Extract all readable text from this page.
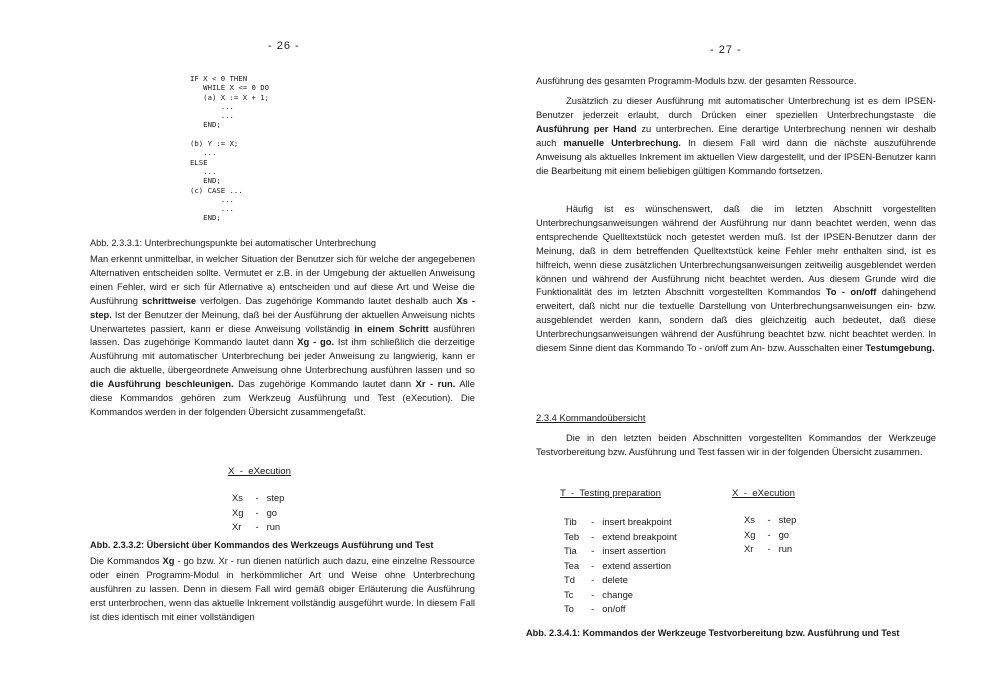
- 26 -
IF X < 0 THEN
WHILE X <= 0 DO
(a) X := X + 1;
...
...
END;

(b) Y := X;
...
ELSE
...
END;
(c) CASE ...
...
...
END;
Abb. 2.3.3.1: Unterbrechungspunkte bei automatischer Unterbrechung
Man erkennt unmittelbar, in welcher Situation der Benutzer sich für welche der angegebenen Alternativen entscheiden sollte. Vermutet er z.B. in der Umgebung der aktuellen Anweisung einen Fehler, wird er sich für Atlernative a) entscheiden und auf diese Art und Weise die Ausführung schrittweise verfolgen. Das zugehörige Kommando lautet deshalb auch Xs - step. Ist der Benutzer der Meinung, daß bei der Ausführung der aktuellen Anweisung nichts Unerwartetes passiert, kann er diese Anweisung vollständig in einem Schritt ausführen lassen. Das zugehörige Kommando lautet dann Xg - go. Ist ihm schließlich die derzeitige Ausführung mit automatischer Unterbrechung bei jeder Anweisung zu langwierig, kann er auch die aktuelle, übergeordnete Anweisung ohne Unterbrechung ausführen lassen und so die Ausführung beschleunigen. Das zugehörige Kommando lautet dann Xr - run. Alle diese Kommandos gehören zum Werkzeug Ausführung und Test (eXecution). Die Kommandos werden in der folgenden Übersicht zusammengefaßt.
X  -  eXecution
Xs	-	step
Xg	-	go
Xr	-	run
Abb. 2.3.3.2: Übersicht über Kommandos des Werkzeugs Ausführung und Test
Die Kommandos Xg - go bzw. Xr - run dienen natürlich auch dazu, eine einzelne Ressource oder einen Programm-Modul in herkömmlicher Art und Weise ohne Unterbrechung ausführen zu lassen. Denn in diesem Fall wird gemäß obiger Erläuterung die Ausführung erst unterbrochen, wenn das aktuelle Inkrement vollständig ausgeführt wurde. In diesem Fall ist dies identisch mit einer vollständigen
- 27 -
Ausführung des gesamten Programm-Moduls bzw. der gesamten Ressource.
Zusätzlich zu dieser Ausführung mit automatischer Unterbrechung ist es dem IPSEN-Benutzer jederzeit erlaubt, durch Drücken einer speziellen Unterbrechungstaste die Ausführung per Hand zu unterbrechen. Eine derartige Unterbrechung nennen wir deshalb auch manuelle Unterbrechung. In diesem Fall wird dann die nächste auszuführende Anweisung als aktuelles Inkrement im aktuellen View dargestellt, und der IPSEN-Benutzer kann die Bearbeitung mit einem beliebigen gültigen Kommando fortsetzen.
Häufig ist es wünschenswert, daß die im letzten Abschnitt vorgestellten Unterbrechungsanweisungen während der Ausführung nur dann beachtet werden, wenn das entsprechende Quelltextstück noch getestet werden muß. Ist der IPSEN-Benutzer dann der Meinung, daß in dem betreffenden Quelltextstück keine Fehler mehr enthalten sind, ist es hilfreich, wenn diese zusätzlichen Unterbrechungsanweisungen zeitweilig ausgeblendet werden können und während der Ausführung nicht beachtet werden. Aus diesem Grunde wird die Funktionalität des im letzten Abschnitt vorgestellten Kommandos To - on/off dahingehend erweitert, daß nicht nur die textuelle Darstellung von Unterbrechungsanweisungen ein- bzw. ausgeblendet werden kann, sondern daß dies gleichzeitig auch bedeutet, daß diese Unterbrechungsanweisungen während der Ausführung beachtet bzw. nicht beachtet werden. In diesem Sinne dient das Kommando To - on/off zum An- bzw. Ausschalten einer Testumgebung.
2.3.4 Kommandoübersicht
Die in den letzten beiden Abschnitten vorgestellten Kommandos der Werkzeuge Testvorbereitung bzw. Ausführung und Test fassen wir in der folgenden Übersicht zusammen.
T  -  Testing preparation
Tib	-	insert breakpoint
Teb	-	extend breakpoint
Tia	-	insert assertion
Tea	-	extend assertion
Td	-	delete
Tc	-	change
To	-	on/off
X  -  eXecution
Xs	-	step
Xg	-	go
Xr	-	run
Abb. 2.3.4.1: Kommandos der Werkzeuge Testvorbereitung bzw. Ausführung und Test
